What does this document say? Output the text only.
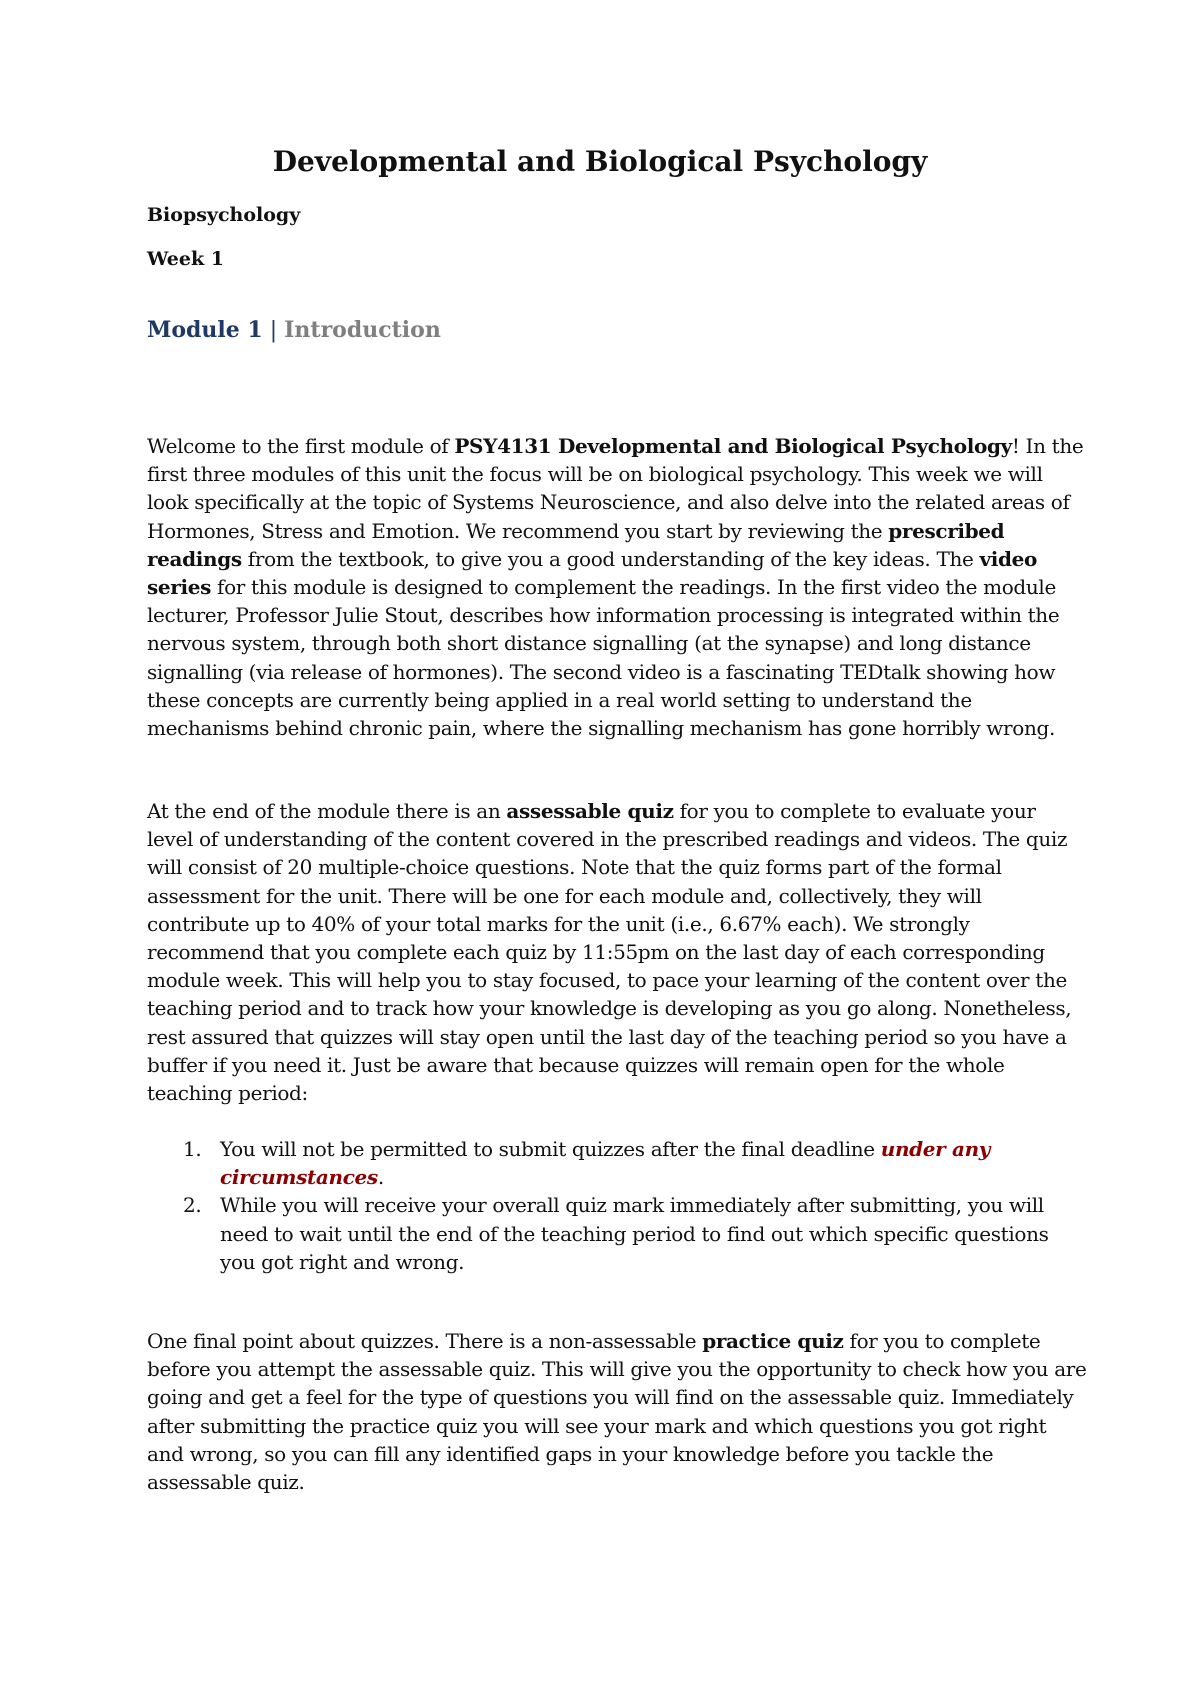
Developmental and Biological Psychology

Biopsychology

Week 1

Module 1 | Introduction

Welcome to the first module of PSY4131 Developmental and Biological Psychology! In the first three modules of this unit the focus will be on biological psychology. This week we will look specifically at the topic of Systems Neuroscience, and also delve into the related areas of Hormones, Stress and Emotion. We recommend you start by reviewing the prescribed readings from the textbook, to give you a good understanding of the key ideas. The video series for this module is designed to complement the readings. In the first video the module lecturer, Professor Julie Stout, describes how information processing is integrated within the nervous system, through both short distance signalling (at the synapse) and long distance signalling (via release of hormones). The second video is a fascinating TEDtalk showing how these concepts are currently being applied in a real world setting to understand the mechanisms behind chronic pain, where the signalling mechanism has gone horribly wrong.

At the end of the module there is an assessable quiz for you to complete to evaluate your level of understanding of the content covered in the prescribed readings and videos. The quiz will consist of 20 multiple-choice questions. Note that the quiz forms part of the formal assessment for the unit. There will be one for each module and, collectively, they will contribute up to 40% of your total marks for the unit (i.e., 6.67% each). We strongly recommend that you complete each quiz by 11:55pm on the last day of each corresponding module week. This will help you to stay focused, to pace your learning of the content over the teaching period and to track how your knowledge is developing as you go along. Nonetheless, rest assured that quizzes will stay open until the last day of the teaching period so you have a buffer if you need it. Just be aware that because quizzes will remain open for the whole teaching period:

1. You will not be permitted to submit quizzes after the final deadline under any circumstances.
2. While you will receive your overall quiz mark immediately after submitting, you will need to wait until the end of the teaching period to find out which specific questions you got right and wrong.

One final point about quizzes. There is a non-assessable practice quiz for you to complete before you attempt the assessable quiz. This will give you the opportunity to check how you are going and get a feel for the type of questions you will find on the assessable quiz. Immediately after submitting the practice quiz you will see your mark and which questions you got right and wrong, so you can fill any identified gaps in your knowledge before you tackle the assessable quiz.
